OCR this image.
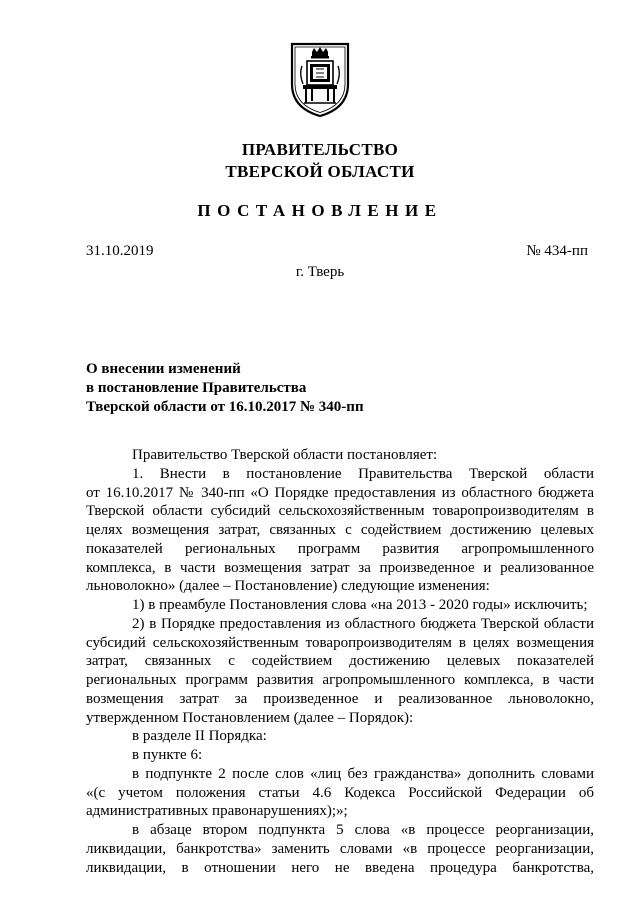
ПРАВИТЕЛЬСТВО
ТВЕРСКОЙ ОБЛАСТИ
ПОСТАНОВЛЕНИЕ
31.10.2019	№ 434-пп
г. Тверь
О внесении изменений
в постановление Правительства
Тверской области от 16.10.2017 № 340-пп
Правительство Тверской области постановляет:
1. Внести в постановление Правительства Тверской области
от 16.10.2017 № 340-пп «О Порядке предоставления из областного бюджета
Тверской области субсидий сельскохозяйственным товаропроизводителям в
целях возмещения затрат, связанных с содействием достижению целевых
показателей региональных программ развития агропромышленного
комплекса, в части возмещения затрат за произведенное и реализованное
льноволокно» (далее – Постановление) следующие изменения:
1) в преамбуле Постановления слова «на 2013 - 2020 годы» исключить;
2) в Порядке предоставления из областного бюджета Тверской области
субсидий сельскохозяйственным товаропроизводителям в целях возмещения
затрат, связанных с содействием достижению целевых показателей
региональных программ развития агропромышленного комплекса, в части
возмещения затрат за произведенное и реализованное льноволокно,
утвержденном Постановлением (далее – Порядок):
в разделе II Порядка:
в пункте 6:
в подпункте 2 после слов «лиц без гражданства» дополнить словами
«(с учетом положения статьи 4.6 Кодекса Российской Федерации об
административных правонарушениях);»;
в абзаце втором подпункта 5 слова «в процессе реорганизации,
ликвидации, банкротства» заменить словами «в процессе реорганизации,
ликвидации, в отношении него не введена процедура банкротства,
